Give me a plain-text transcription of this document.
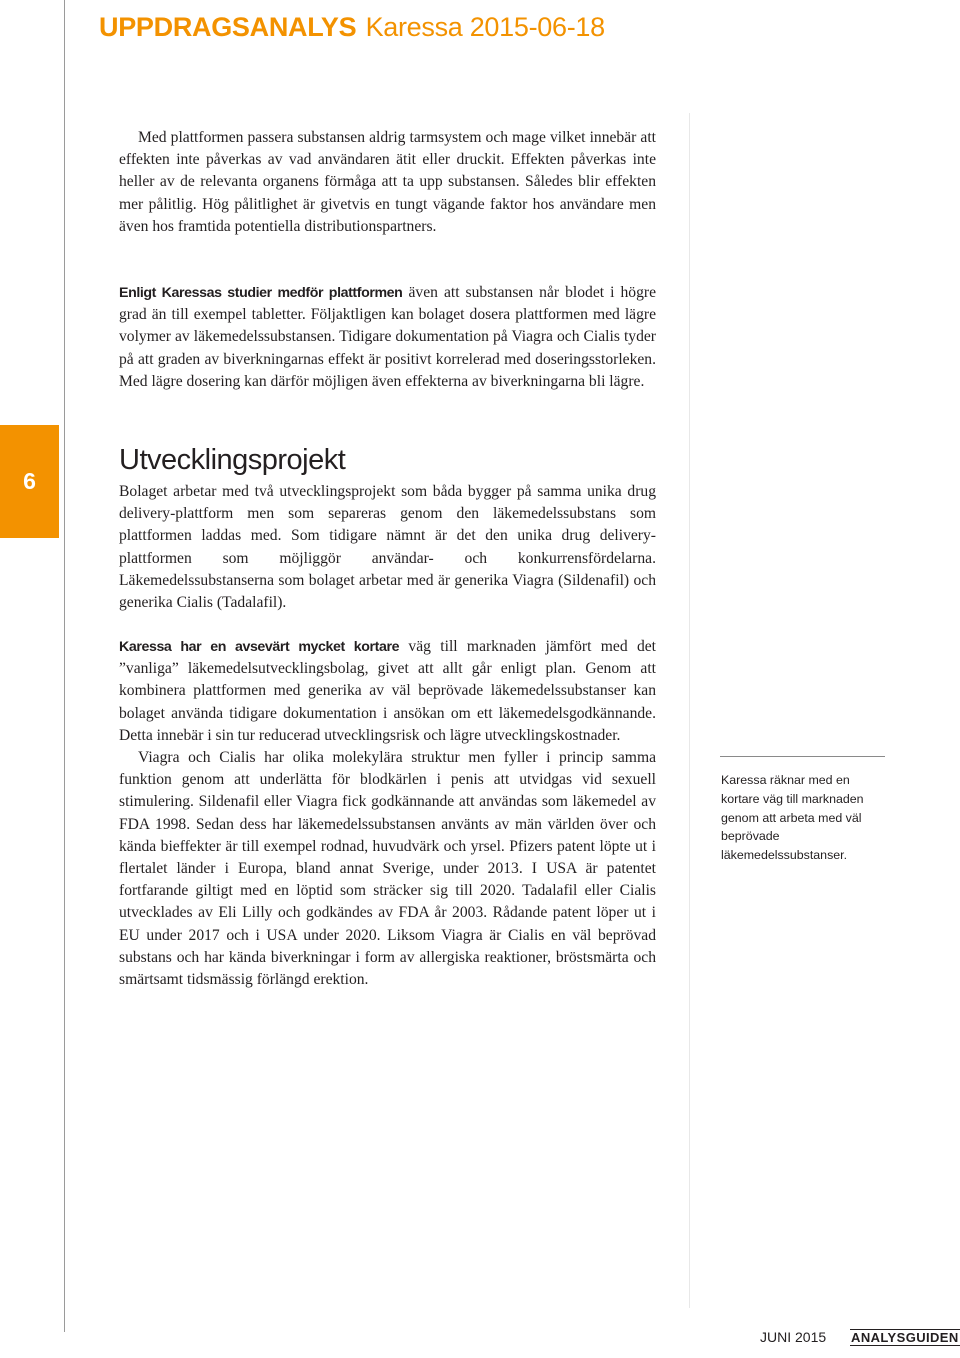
UPPDRAGSANALYS Karessa 2015-06-18
6

Med plattformen passera substansen aldrig tarmsystem och mage vilket innebär att effekten inte påverkas av vad användaren ätit eller druckit. Effekten påverkas inte heller av de relevanta organens förmåga att ta upp substansen. Således blir effekten mer pålitlig. Hög pålitlighet är givetvis en tungt vägande faktor hos användare men även hos framtida potentiella distributionspartners.

Enligt Karessas studier medför plattformen även att substansen når blodet i högre grad än till exempel tabletter. Följaktligen kan bolaget dosera plattformen med lägre volymer av läkemedelssubstansen. Tidigare dokumentation på Viagra och Cialis tyder på att graden av biverkningarnas effekt är positivt korrelerad med doseringsstorleken. Med lägre dosering kan därför möjligen även effekterna av biverkningarna bli lägre.

Utvecklingsprojekt

Bolaget arbetar med två utvecklingsprojekt som båda bygger på samma unika drug delivery-plattform men som separeras genom den läkemedelssubstans som plattformen laddas med. Som tidigare nämnt är det den unika drug delivery-plattformen som möjliggör användar- och konkurrensfördelarna. Läkemedelssubstanserna som bolaget arbetar med är generika Viagra (Sildenafil) och generika Cialis (Tadalafil).

Karessa har en avsevärt mycket kortare väg till marknaden jämfört med det ”vanliga” läkemedelsutvecklingsbolag, givet att allt går enligt plan. Genom att kombinera plattformen med generika av väl beprövade läkemedelssubstanser kan bolaget använda tidigare dokumentation i ansökan om ett läkemedelsgodkännande. Detta innebär i sin tur reducerad utvecklingsrisk och lägre utvecklingskostnader.

Viagra och Cialis har olika molekylära struktur men fyller i princip samma funktion genom att underlätta för blodkärlen i penis att utvidgas vid sexuell stimulering. Sildenafil eller Viagra fick godkännande att användas som läkemedel av FDA 1998. Sedan dess har läkemedelssubstansen använts av män världen över och kända bieffekter är till exempel rodnad, huvudvärk och yrsel. Pfizers patent löpte ut i flertalet länder i Europa, bland annat Sverige, under 2013. I USA är patentet fortfarande giltigt med en löptid som sträcker sig till 2020. Tadalafil eller Cialis utvecklades av Eli Lilly och godkändes av FDA år 2003. Rådande patent löper ut i EU under 2017 och i USA under 2020. Liksom Viagra är Cialis en väl beprövad substans och har kända biverkningar i form av allergiska reaktioner, bröstsmärta och smärtsamt tidsmässig förlängd erektion.

Karessa räknar med en kortare väg till marknaden genom att arbeta med väl beprövade läkemedelssubstanser.

JUNI 2015 ANALYSGUIDEN
